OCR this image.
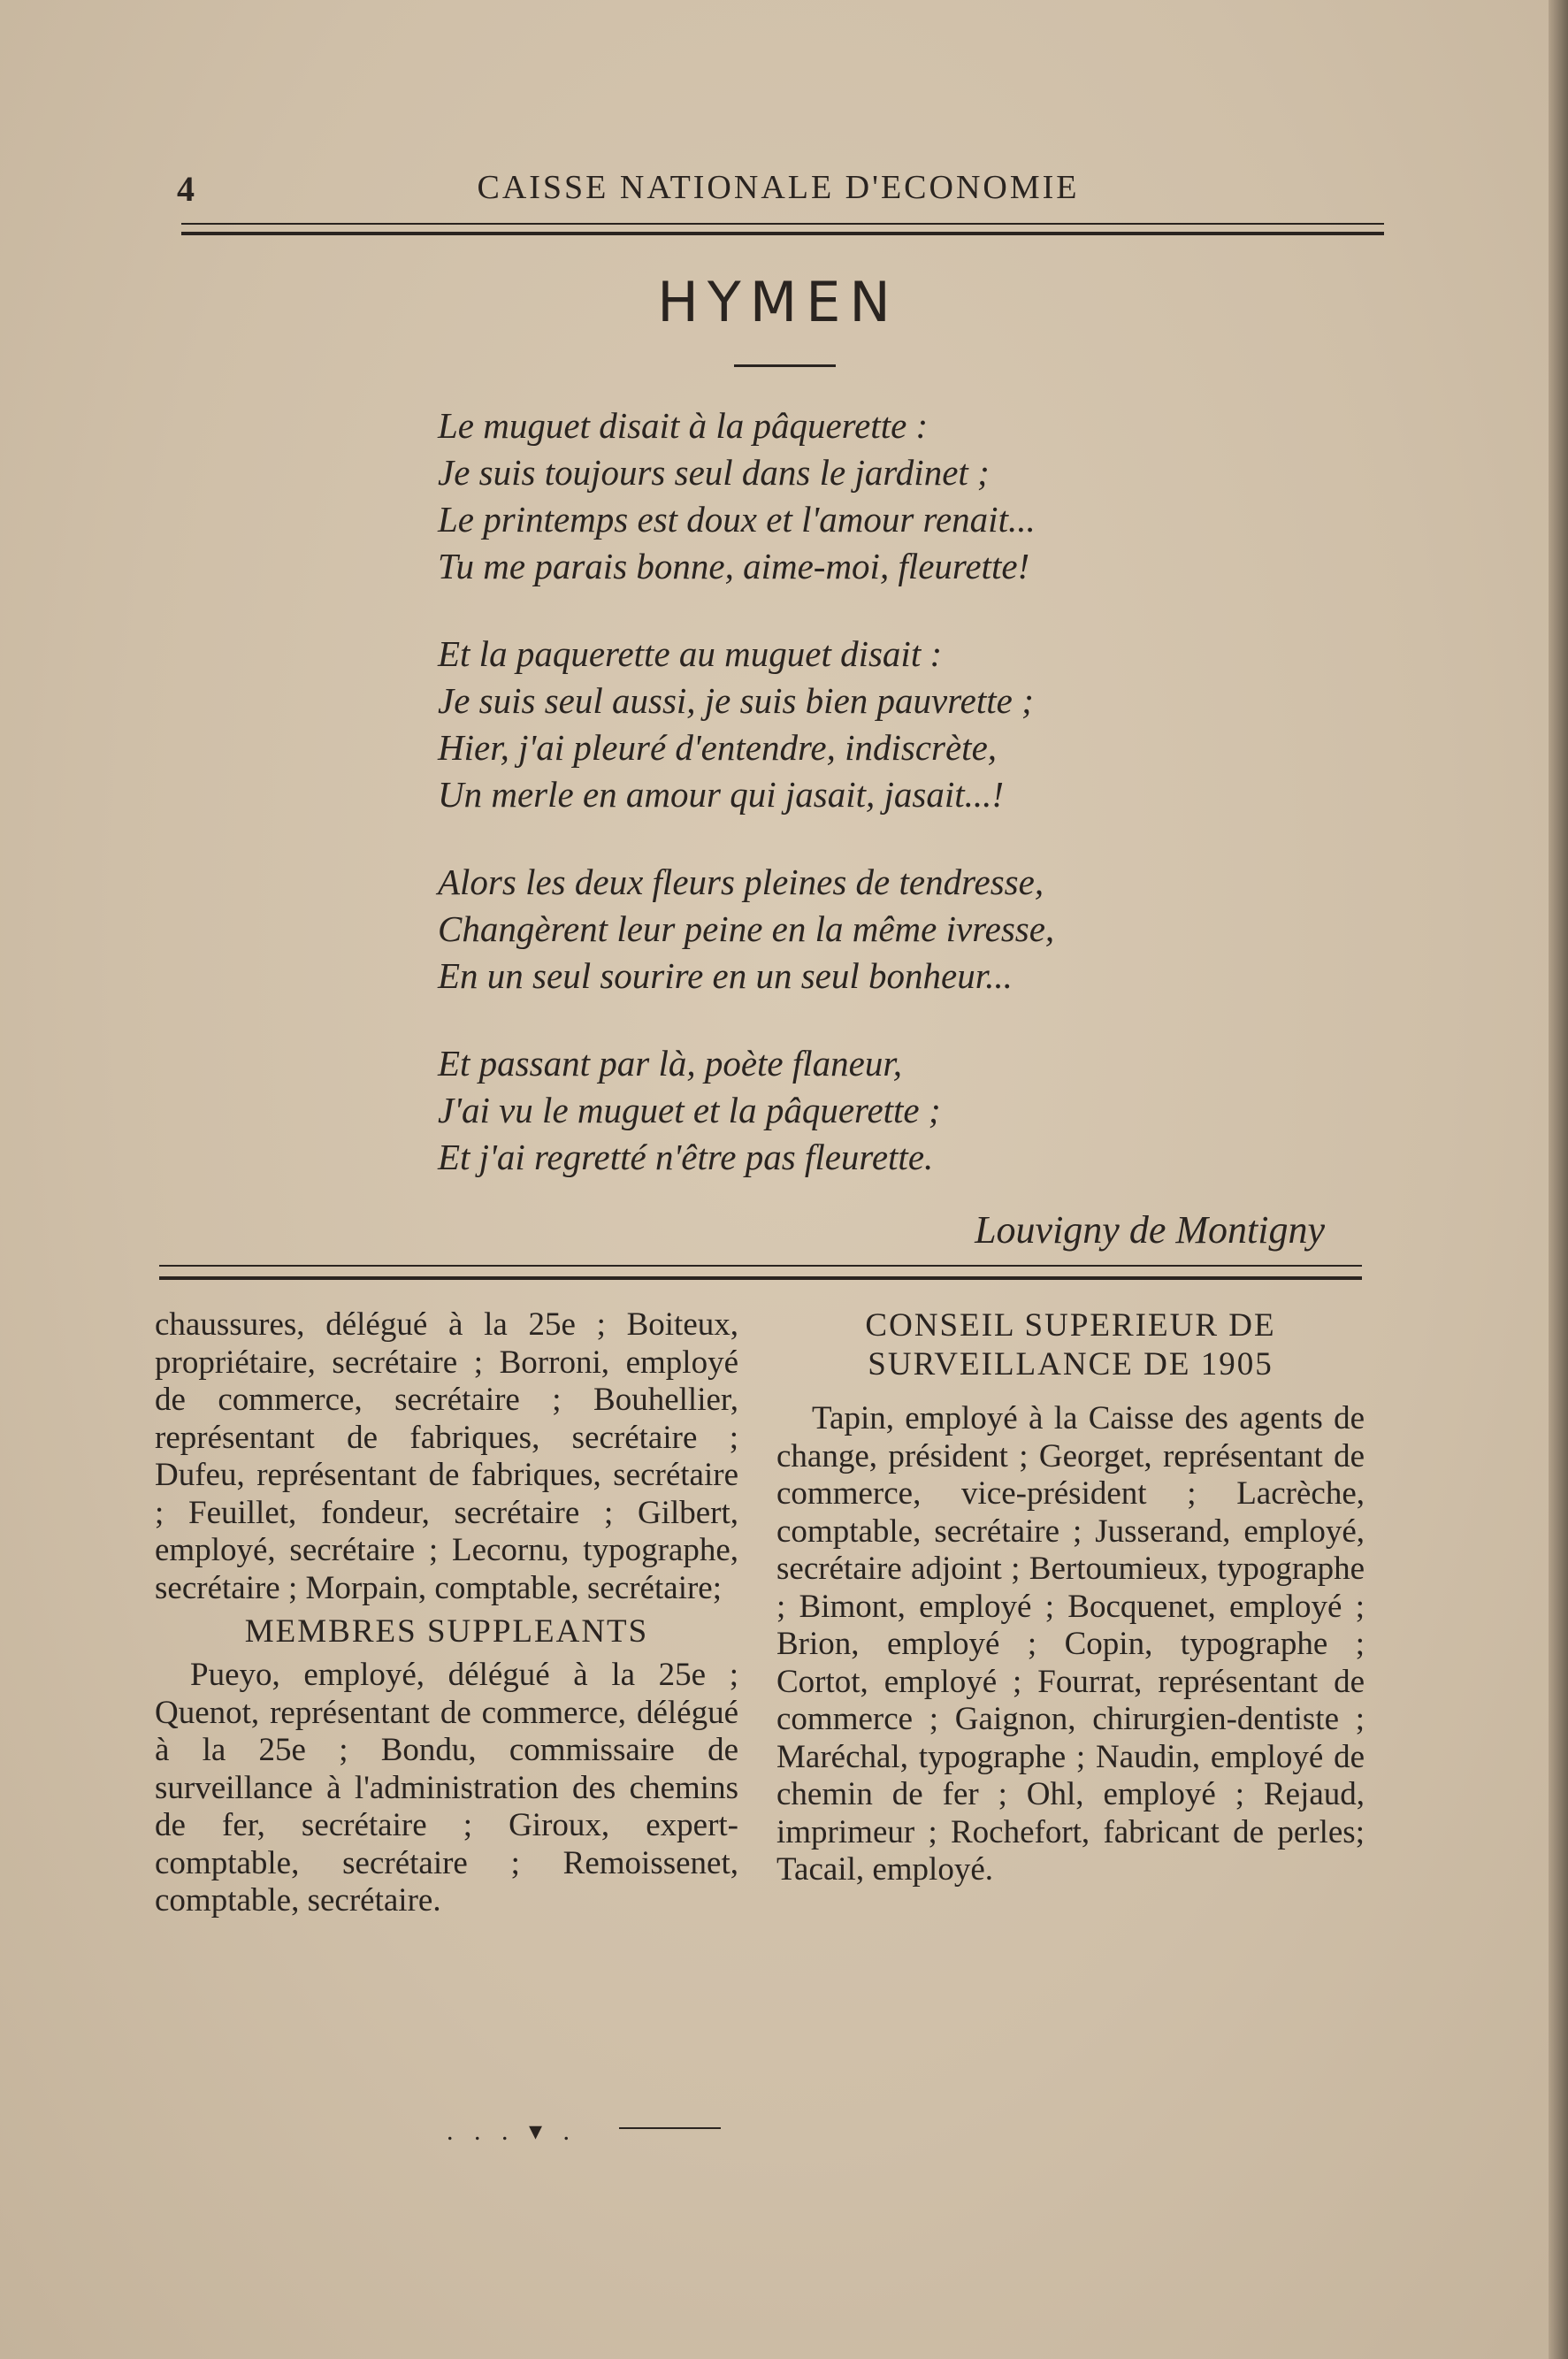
4	CAISSE NATIONALE D'ECONOMIE
HYMEN
Le muguet disait à la pâquerette :
Je suis toujours seul dans le jardinet ;
Le printemps est doux et l'amour renait...
Tu me parais bonne, aime-moi, fleurette!
Et la paquerette au muguet disait :
Je suis seul aussi, je suis bien pauvrette ;
Hier, j'ai pleuré d'entendre, indiscrète,
Un merle en amour qui jasait, jasait...!
Alors les deux fleurs pleines de tendresse,
Changèrent leur peine en la même ivresse,
En un seul sourire en un seul bonheur...
Et passant par là, poète flaneur,
J'ai vu le muguet et la pâquerette ;
Et j'ai regretté n'être pas fleurette.
Louvigny de Montigny

chaussures, délégué à la 25e ; Boiteux, propriétaire, secrétaire ; Borroni, employé de commerce, secrétaire ; Bouhellier, représentant de fabriques, secrétaire ; Dufeu, représentant de fabriques, secrétaire ; Feuillet, fondeur, secrétaire ; Gilbert, employé, secrétaire ; Lecornu, typographe, secrétaire ; Morpain, comptable, secrétaire;

MEMBRES SUPPLEANTS

Pueyo, employé, délégué à la 25e ; Quenot, représentant de commerce, délégué à la 25e ; Bondu, commissaire de surveillance à l'administration des chemins de fer, secrétaire ; Giroux, expert-comptable, secrétaire ; Remoissenet, comptable, secrétaire.

. . . ▾ .
CONSEIL SUPERIEUR DE
SURVEILLANCE DE 1905

Tapin, employé à la Caisse des agents de change, président ; Georget, représentant de commerce, vice-président ; Lacrèche, comptable, secrétaire ; Jusserand, employé, secrétaire adjoint ; Bertoumieux, typographe ; Bimont, employé ; Bocquenet, employé ; Brion, employé ; Copin, typographe ; Cortot, employé ; Fourrat, représentant de commerce ; Gaignon, chirurgien-dentiste ; Maréchal, typographe ; Naudin, employé de chemin de fer ; Ohl, employé ; Rejaud, imprimeur ; Rochefort, fabricant de perles; Tacail, employé.
